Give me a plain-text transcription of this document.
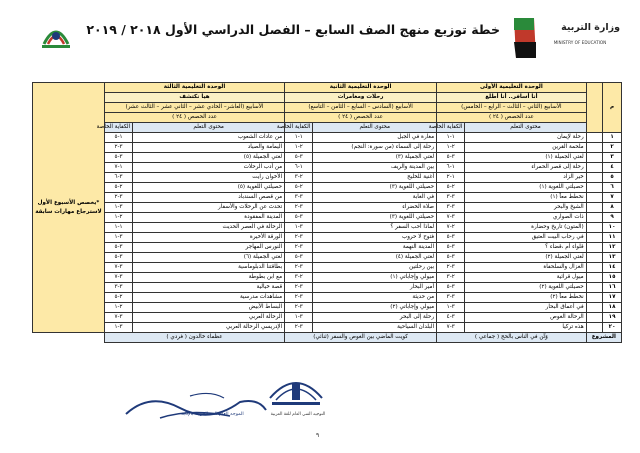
خطة توزيع منهج الصف السابع – الفصل الدراسي الأول ٢٠١٨ / ٢٠١٩	وزارة التربية
MINISTRY OF EDUCATION
م		الوحدة التعليمية الأولى		الوحدة التعليمية الثانية		الوحدة التعليمية الثالثة		*يخصص الأسبوع الأول لاسترجاع مهارات سابقة
		أنا أسافر.. أنا أطلع		رحلات ومغامرات		هيا نكتشف		
		الأسابيع (الثاني – الثالث – الرابع – الخامس)		الأسابيع (السادس – السابع – الثامن – التاسع)		الأسابيع (العاشر– الحادي عشر – الثاني عشر – الثالث عشر)		
		عدد الحصص ( ٢٤ )		عدد الحصص ( ٢٤ )		عدد الحصص ( ٢٤ )		
		محتوى التعلم	الكفاية الخاصة	محتوى التعلم	الكفاية الخاصة	محتوى التعلم	الكفاية الخاصة	
١		رحلة لإيمان	١-١	مغارة في الجبل	١-١	من عادات الشعوب	١-٥	
٢		ملحمة القرين	٢-١	رحلة إلى السماء (من سورة: النجم)	٢-١	اليمامة والصياد	٣-٢	
٣		لغتي الجميلة (١)	٣-٥	لغتي الجميلة (٣)	٣-٥	لغتي الجميلة (٥)	٣-٥	
٤		رحلة إلى قصر الحمراء	١-٦	بين المدينة والريف	١-٦	من أدب الرحلات	١-٧	
٥		خير الزاد	١-٢	أغنية للخليج	٢-٣	الأخوان رايت	٣-٦	
٦		حصيلتي اللغوية (١)	٢-٥	حصيلتي اللغوية (٣)	٢-٥	حصيلتي اللغوية (٥)	٢-٥	
٧		نخطط معاً (١)	٣-٣	في الغابة	٣-٣	من قصص السندباد	٣-٢	
٨		الشيخ والبحر	٣-٣	صلاة الخضراء	٣-٢	تحدث عن الرحلات والأسفار	٣-١	
٩		ذات الصواري	٣-٧	حصيلتي اللغوية (٣)	٣-٥	المدينة المفقودة	٢-١	
١٠		(المتون) تاريخ وحضارة	٢-٧	لماذا أحب السفر ؟	٣-١	الرحالة في العصر الحديث	١-١	
١١		في رحاب البيت العتيق	٣-٥	فتوح لا حروب	٣-٢	الورقة الأخيرة	٣-١	
١٢		قلواء أم ،قضاء ؟	٣-٥	المدينة النهمة	٣-٢	النورس المهاجر	٣-٥	
١٣		لغتي الجميلة (٢)	٣-٥	لغتي الجميلة (٤)	٣-٥	لغتي الجميلة (٦)	٣-٥	
١٤		الغزال والسلحفاة	٣-٢	بين رحلتين	٣-٢	بطاقتنا الدبلوماسية	٣-٧	
١٥		ميول قرائية	٢-٣	ميولي وإجاباتي (١)	٢-٣	مع ابن بطوطة	٣-٧	
١٦		حصيلتي اللغوية (٢)	٣-٥	أمير البحار	٣-٢	قصة خيالية	٣-٣	
١٧		نخطط معاً (٢)	٣-٣	من حديثة	٣-٢	مشاهدات مدرسية	٢-٥	
١٨		في أعماق البحار	٣-١	ميولي وإجاباتي (٢)	٣-٢	البساط الأبيض	٢-١	
١٩		الرحالة الغوص	٣-٤	رحلة إلى البحر	٣-١	الرحالة العربي	٣-٧	
٢٠		هذه تركيا	٣-٧	البلدان السياحية	٣-٢	الإدريسي الرحالة العربي	٣-١	
المشروع		وَتِّن في الناس بالحج ( جماعي )		كويت الماضي بين الغوص والسفر (ثنائي)		عظماء خالدون ( فردي )		
الموجه العام للغة العربية بالإنابة	التوجيه الفني العام للغة العربية
٩
